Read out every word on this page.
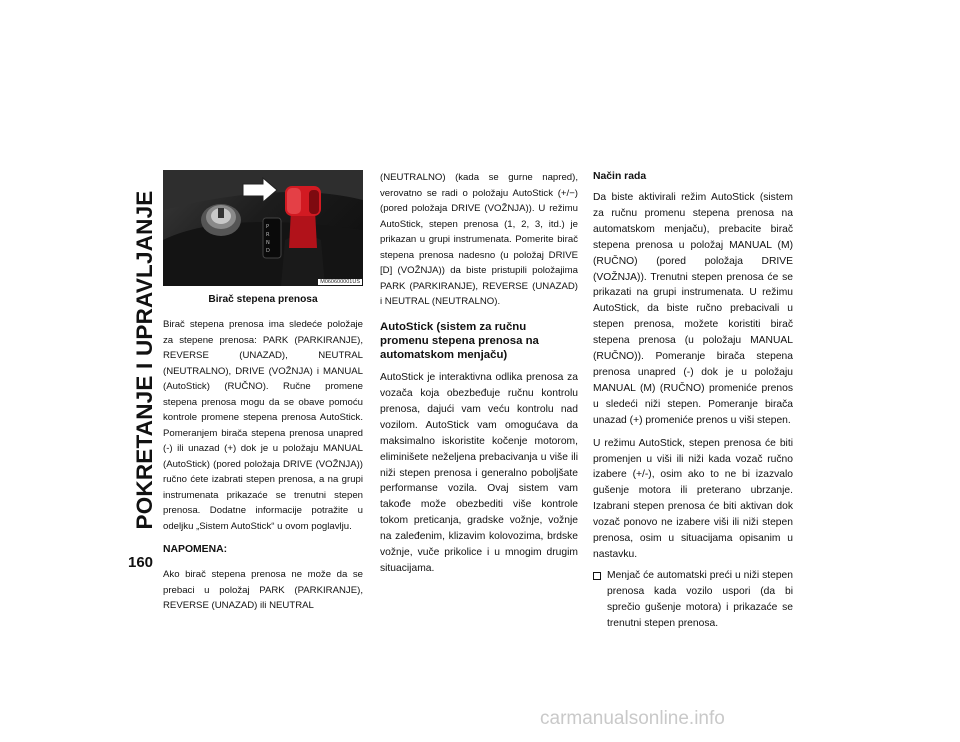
POKRETANJE I UPRAVLJANJE
160
P
R
N
D
M060600001US
Birač stepena prenosa

Birač stepena prenosa ima sledeće položaje za stepene prenosa: PARK (PARKIRANJE), REVERSE (UNAZAD), NEUTRAL (NEUTRALNO), DRIVE (VOŽNJA) i MANUAL (AutoStick) (RUČNO). Ručne promene stepena prenosa mogu da se obave pomoću kontrole promene stepena prenosa AutoStick. Pomeranjem birača stepena prenosa unapred (-) ili unazad (+) dok je u položaju MANUAL (AutoStick) (pored položaja DRIVE (VOŽNJA)) ručno ćete izabrati stepen prenosa, a na grupi instrumenata prikazaće se trenutni stepen prenosa. Dodatne informacije potražite u odeljku „Sistem AutoStick“ u ovom poglavlju.

NAPOMENA:

Ako birač stepena prenosa ne može da se prebaci u položaj PARK (PARKIRANJE), REVERSE (UNAZAD) ili NEUTRAL

(NEUTRALNO) (kada se gurne napred), verovatno se radi o položaju AutoStick (+/−) (pored položaja DRIVE (VOŽNJA)). U režimu AutoStick, stepen prenosa (1, 2, 3, itd.) je prikazan u grupi instrumenata. Pomerite birač stepena prenosa nadesno (u položaj DRIVE [D] (VOŽNJA)) da biste pristupili položajima PARK (PARKIRANJE), REVERSE (UNAZAD) i NEUTRAL (NEUTRALNO).

AutoStick (sistem za ručnu promenu stepena prenosa na automatskom menjaču)

AutoStick je interaktivna odlika prenosa za vozača koja obezbeđuje ručnu kontrolu prenosa, dajući vam veću kontrolu nad vozilom. AutoStick vam omogućava da maksimalno iskoristite kočenje motorom, eliminišete neželjena prebacivanja u više ili niži stepen prenosa i generalno poboljšate performanse vozila. Ovaj sistem vam takođe može obezbediti više kontrole tokom preticanja, gradske vožnje, vožnje na zaleđenim, klizavim kolovozima, brdske vožnje, vuče prikolice i u mnogim drugim situacijama.

Način rada

Da biste aktivirali režim AutoStick (sistem za ručnu promenu stepena prenosa na automatskom menjaču), prebacite birač stepena prenosa u položaj MANUAL (M) (RUČNO) (pored položaja DRIVE (VOŽNJA)). Trenutni stepen prenosa će se prikazati na grupi instrumenata. U režimu AutoStick, da biste ručno prebacivali u stepen prenosa, možete koristiti birač stepena prenosa (u položaju MANUAL (RUČNO)). Pomeranje birača stepena prenosa unapred (-) dok je u položaju MANUAL (M) (RUČNO) promeniće prenos u sledeći niži stepen. Pomeranje birača unazad (+) promeniće prenos u viši stepen.

U režimu AutoStick, stepen prenosa će biti promenjen u viši ili niži kada vozač ručno izabere (+/-), osim ako to ne bi izazvalo gušenje motora ili preterano ubrzanje. Izabrani stepen prenosa će biti aktivan dok vozač ponovo ne izabere viši ili niži stepen prenosa, osim u situacijama opisanim u nastavku.

Menjač će automatski preći u niži stepen prenosa kada vozilo uspori (da bi sprečio gušenje motora) i prikazaće se trenutni stepen prenosa.
carmanualsonline.info
